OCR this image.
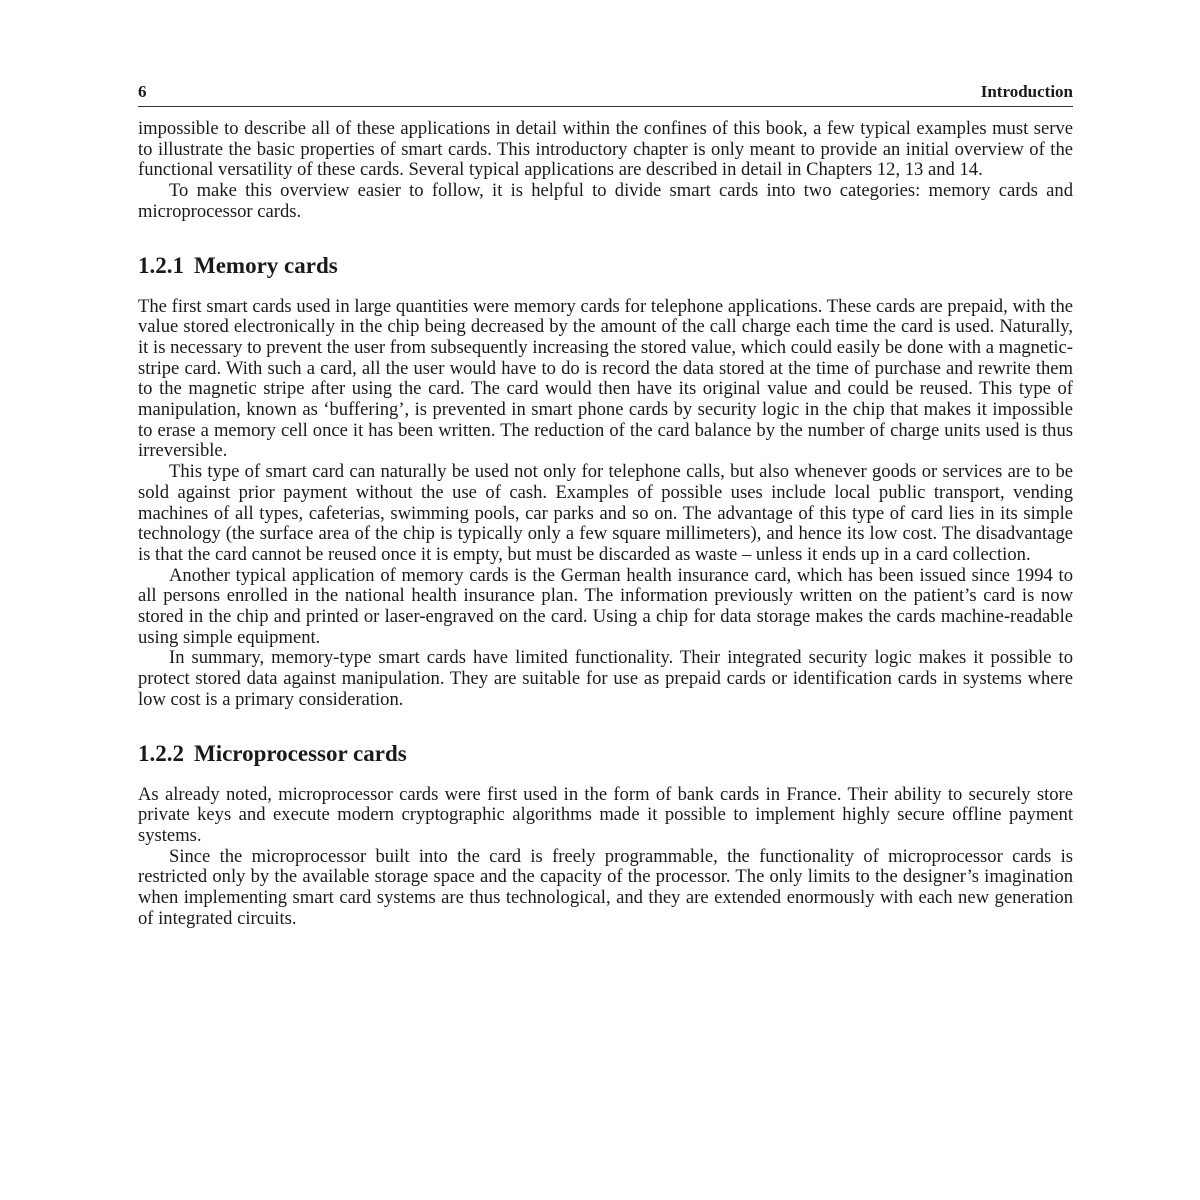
6	Introduction

impossible to describe all of these applications in detail within the confines of this book, a few typical examples must serve to illustrate the basic properties of smart cards. This introductory chapter is only meant to provide an initial overview of the functional versatility of these cards. Several typical applications are described in detail in Chapters 12, 13 and 14.

To make this overview easier to follow, it is helpful to divide smart cards into two categories: memory cards and microprocessor cards.

1.2.1 Memory cards

The first smart cards used in large quantities were memory cards for telephone applications. These cards are prepaid, with the value stored electronically in the chip being decreased by the amount of the call charge each time the card is used. Naturally, it is necessary to prevent the user from subsequently increasing the stored value, which could easily be done with a magnetic-stripe card. With such a card, all the user would have to do is record the data stored at the time of purchase and rewrite them to the magnetic stripe after using the card. The card would then have its original value and could be reused. This type of manipulation, known as ‘buffering’, is prevented in smart phone cards by security logic in the chip that makes it impossible to erase a memory cell once it has been written. The reduction of the card balance by the number of charge units used is thus irreversible.

This type of smart card can naturally be used not only for telephone calls, but also whenever goods or services are to be sold against prior payment without the use of cash. Examples of possible uses include local public transport, vending machines of all types, cafeterias, swimming pools, car parks and so on. The advantage of this type of card lies in its simple technology (the surface area of the chip is typically only a few square millimeters), and hence its low cost. The disadvantage is that the card cannot be reused once it is empty, but must be discarded as waste – unless it ends up in a card collection.

Another typical application of memory cards is the German health insurance card, which has been issued since 1994 to all persons enrolled in the national health insurance plan. The information previously written on the patient’s card is now stored in the chip and printed or laser-engraved on the card. Using a chip for data storage makes the cards machine-readable using simple equipment.

In summary, memory-type smart cards have limited functionality. Their integrated security logic makes it possible to protect stored data against manipulation. They are suitable for use as prepaid cards or identification cards in systems where low cost is a primary consideration.

1.2.2 Microprocessor cards

As already noted, microprocessor cards were first used in the form of bank cards in France. Their ability to securely store private keys and execute modern cryptographic algorithms made it possible to implement highly secure offline payment systems.

Since the microprocessor built into the card is freely programmable, the functionality of microprocessor cards is restricted only by the available storage space and the capacity of the processor. The only limits to the designer’s imagination when implementing smart card systems are thus technological, and they are extended enormously with each new generation of integrated circuits.
